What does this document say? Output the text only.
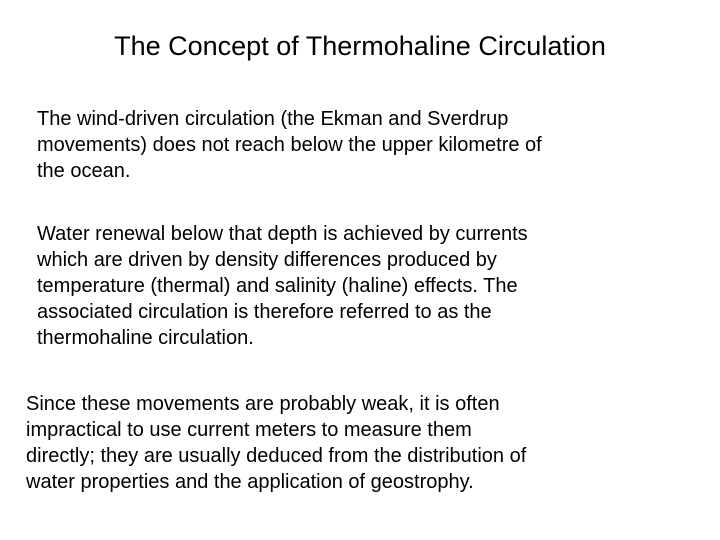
The Concept of Thermohaline Circulation
The wind-driven circulation (the Ekman and Sverdrup
movements) does not reach below the upper kilometre of
the ocean.
Water renewal below that depth is achieved by currents
which are driven by density differences produced by
temperature (thermal) and salinity (haline) effects. The
associated circulation is therefore referred to as the
thermohaline circulation.
Since these movements are probably weak, it is often
impractical to use current meters to measure them
directly; they are usually deduced from the distribution of
water properties and the application of geostrophy.
